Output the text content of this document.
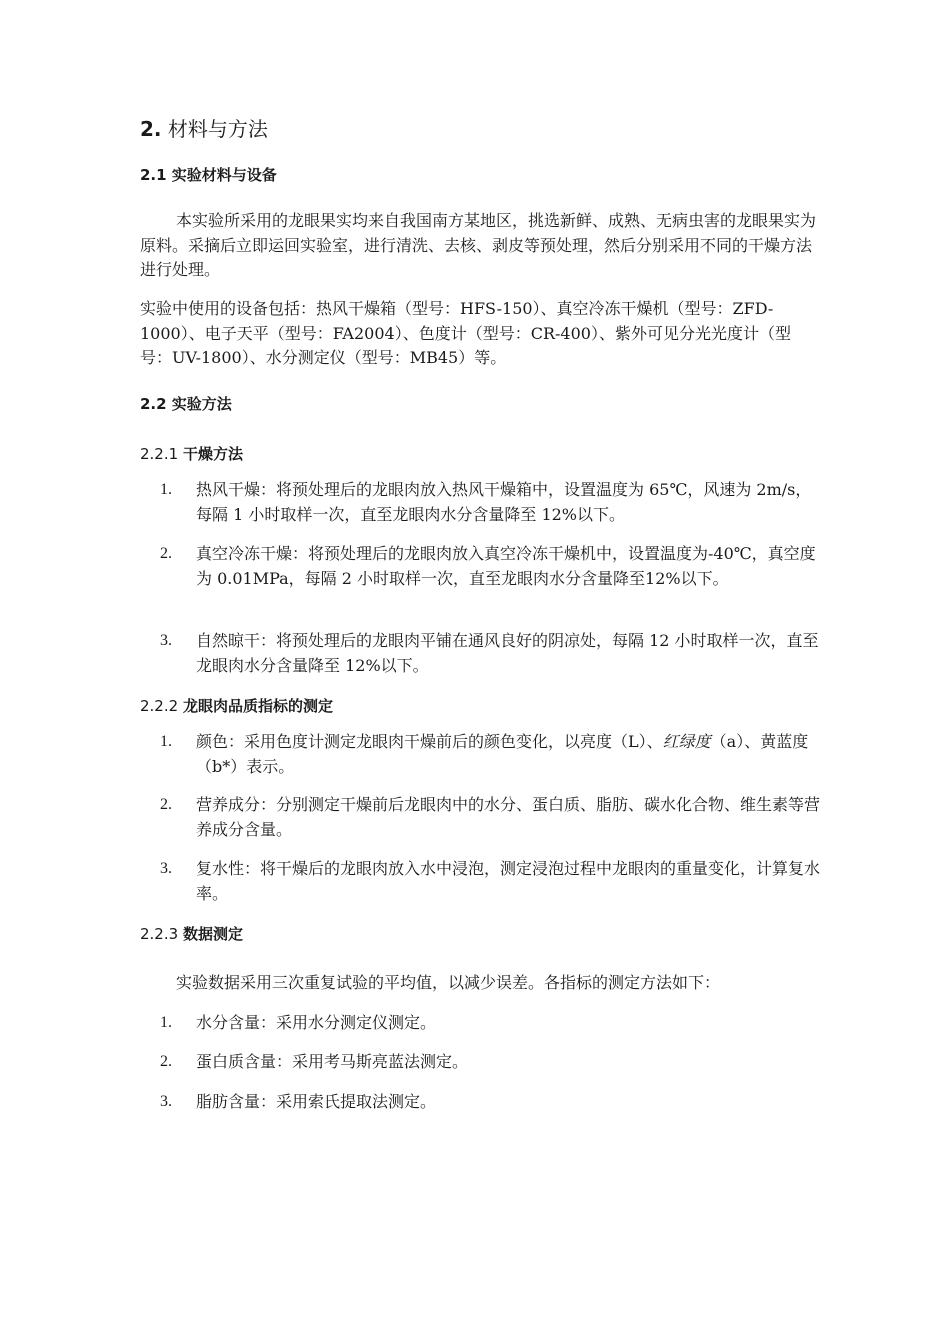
2. 材料与方法
2.1 实验材料与设备

本实验所采用的龙眼果实均来自我国南方某地区，挑选新鲜、成熟、无病虫害的龙眼果实为原料。采摘后立即运回实验室，进行清洗、去核、剥皮等预处理，然后分别采用不同的干燥方法进行处理。

实验中使用的设备包括：热风干燥箱（型号：HFS-150）、真空冷冻干燥机（型号：ZFD-1000）、电子天平（型号：FA2004）、色度计（型号：CR-400）、紫外可见分光光度计（型号：UV-1800）、水分测定仪（型号：MB45）等。

2.2 实验方法
2.2.1 干燥方法
1. 热风干燥：将预处理后的龙眼肉放入热风干燥箱中，设置温度为 65℃，风速为 2m/s，每隔 1 小时取样一次，直至龙眼肉水分含量降至 12%以下。

2. 真空冷冻干燥：将预处理后的龙眼肉放入真空冷冻干燥机中，设置温度为-40℃，真空度为 0.01MPa，每隔 2 小时取样一次，直至龙眼肉水分含量降至12%以下。

3. 自然晾干：将预处理后的龙眼肉平铺在通风良好的阴凉处，每隔 12 小时取样一次，直至龙眼肉水分含量降至 12%以下。

2.2.2 龙眼肉品质指标的测定
1. 颜色：采用色度计测定龙眼肉干燥前后的颜色变化，以亮度（L）、红绿度（a）、黄蓝度（b*）表示。

2. 营养成分：分别测定干燥前后龙眼肉中的水分、蛋白质、脂肪、碳水化合物、维生素等营养成分含量。

3. 复水性：将干燥后的龙眼肉放入水中浸泡，测定浸泡过程中龙眼肉的重量变化，计算复水率。

2.2.3 数据测定

实验数据采用三次重复试验的平均值，以减少误差。各指标的测定方法如下：

1. 水分含量：采用水分测定仪测定。

2. 蛋白质含量：采用考马斯亮蓝法测定。

3. 脂肪含量：采用索氏提取法测定。
